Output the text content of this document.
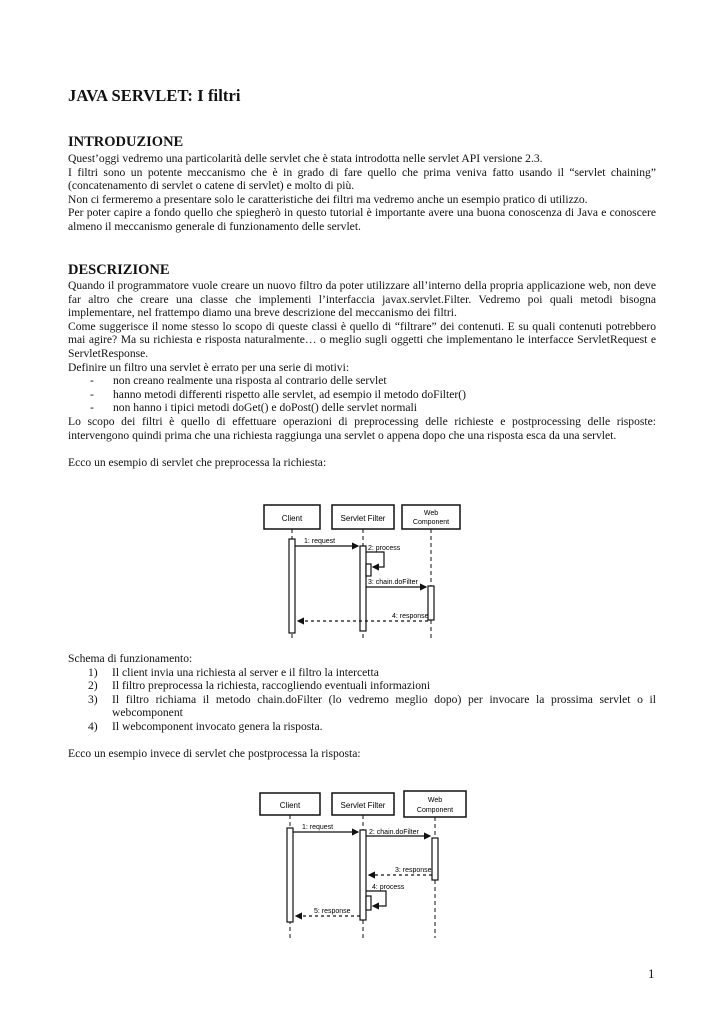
JAVA SERVLET: I filtri
INTRODUZIONE

Quest’oggi vedremo una particolarità delle servlet che è stata introdotta nelle servlet API versione 2.3.

I filtri sono un potente meccanismo che è in grado di fare quello che prima veniva fatto usando il “servlet chaining” (concatenamento di servlet o catene di servlet) e molto di più.

Non ci fermeremo a presentare solo le caratteristiche dei filtri ma vedremo anche un esempio pratico di utilizzo.

Per poter capire a fondo quello che spiegherò in questo tutorial è importante avere una buona conoscenza di Java e conoscere almeno il meccanismo generale di funzionamento delle servlet.

DESCRIZIONE

Quando il programmatore vuole creare un nuovo filtro da poter utilizzare all’interno della propria applicazione web, non deve far altro che creare una classe che implementi l’interfaccia javax.servlet.Filter. Vedremo poi quali metodi bisogna implementare, nel frattempo diamo una breve descrizione del meccanismo dei filtri.

Come suggerisce il nome stesso lo scopo di queste classi è quello di “filtrare” dei contenuti. E su quali contenuti potrebbero mai agire? Ma su richiesta e risposta naturalmente… o meglio sugli oggetti che implementano le interfacce ServletRequest e ServletResponse.

Definire un filtro una servlet è errato per una serie di motivi:

- non creano realmente una risposta al contrario delle servlet
- hanno metodi differenti rispetto alle servlet, ad esempio il metodo doFilter()
- non hanno i tipici metodi doGet() e doPost() delle servlet normali

Lo scopo dei filtri è quello di effettuare operazioni di preprocessing delle richieste e postprocessing delle risposte: intervengono quindi prima che una richiesta raggiunga una servlet o appena dopo che una risposta esca da una servlet.

Ecco un esempio di servlet che preprocessa la richiesta:

Client	Servlet Filter
Web
Component
1: request
2: process
3: chain.doFilter
4: response

Schema di funzionamento:

1) Il client invia una richiesta al server e il filtro la intercetta
2) Il filtro preprocessa la richiesta, raccogliendo eventuali informazioni
3) Il filtro richiama il metodo chain.doFilter (lo vedremo meglio dopo) per invocare la prossima servlet o il webcomponent
4) Il webcomponent invocato genera la risposta.

Ecco un esempio invece di servlet che postprocessa la risposta:

Client	Servlet Filter
Web
Component
1: request
2: chain.doFilter
3: response
4: process
5: response
1
